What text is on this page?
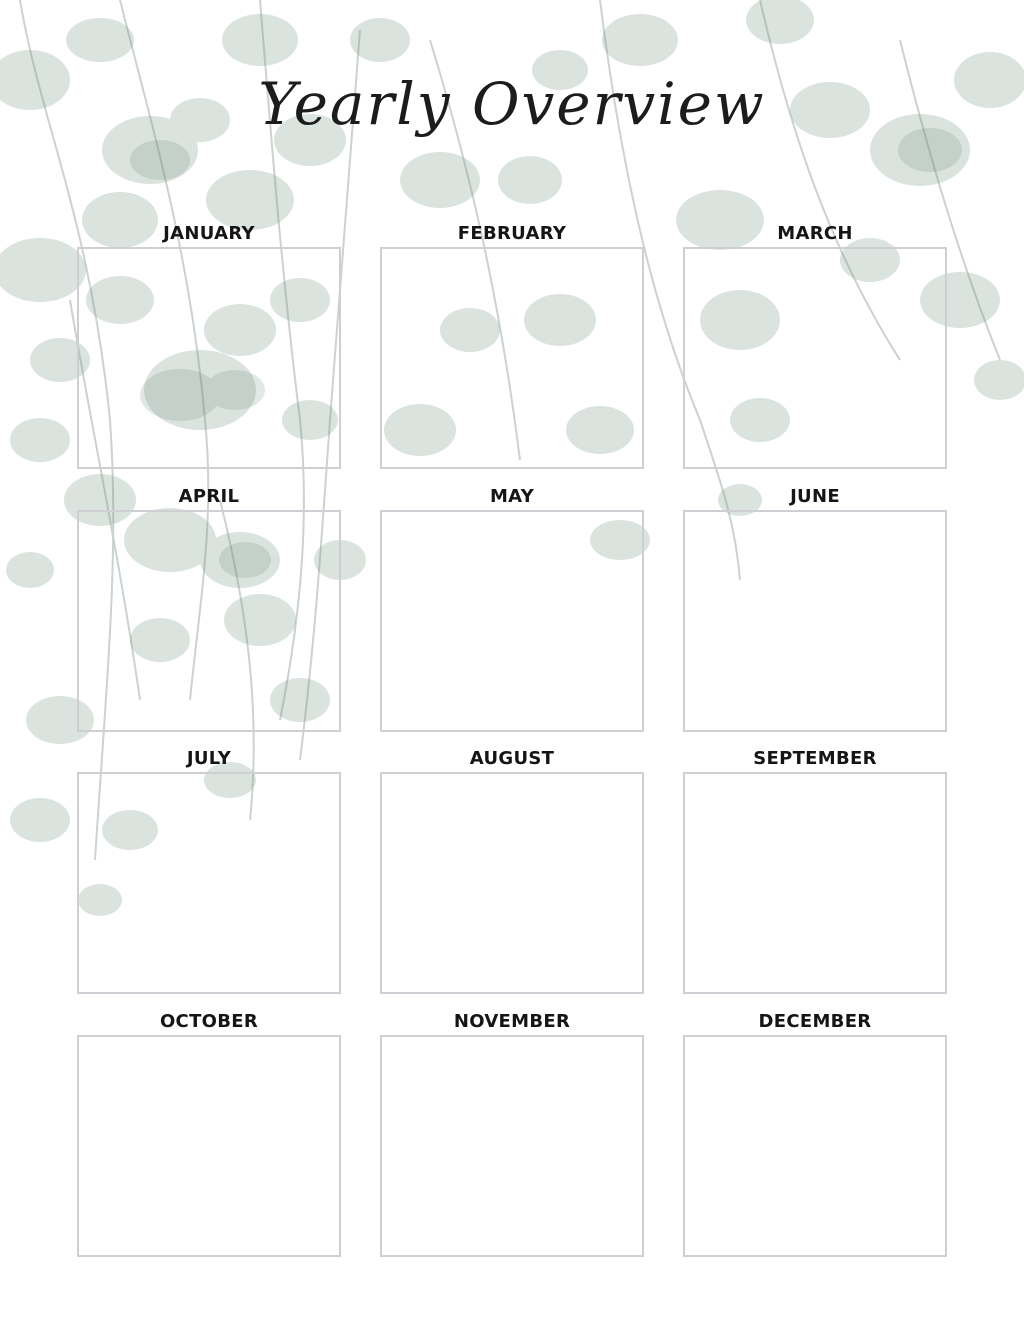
Yearly Overview
JANUARY	FEBRUARY	MARCH
APRIL	MAY	JUNE
JULY	AUGUST	SEPTEMBER
OCTOBER	NOVEMBER	DECEMBER
